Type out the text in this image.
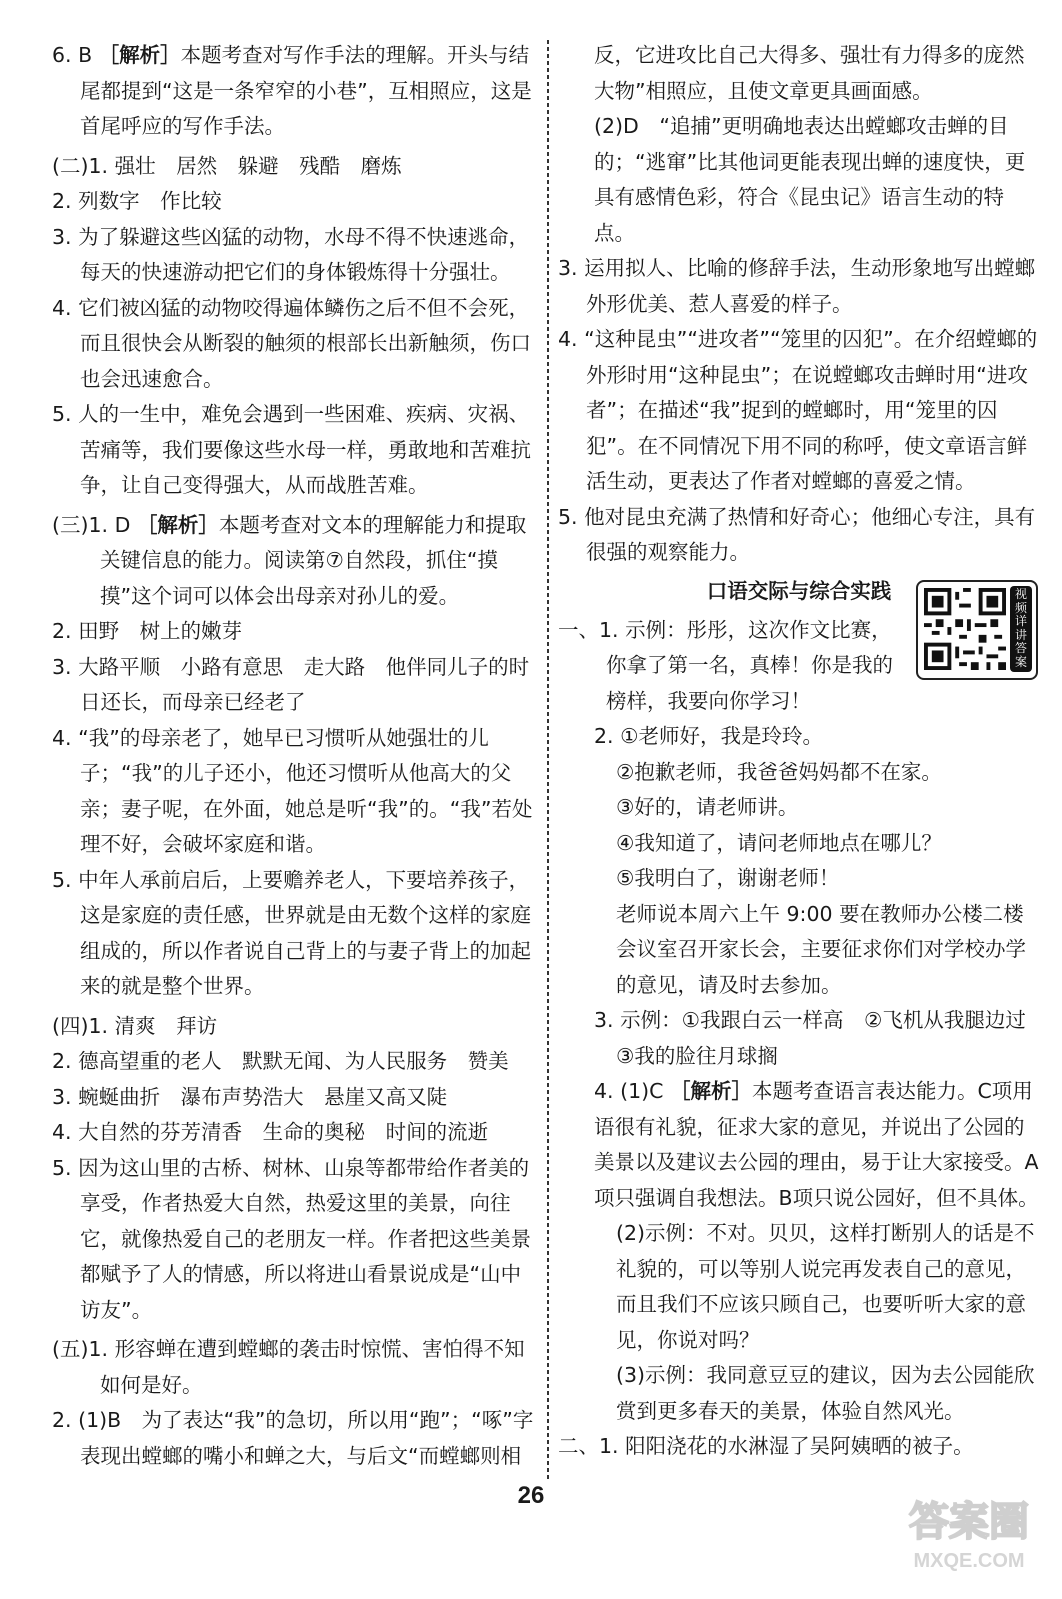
6. B ［解析］本题考查对写作手法的理解。开头与结尾都提到“这是一条窄窄的小巷”，互相照应，这是首尾呼应的写作手法。

(二)1. 强壮　居然　躲避　残酷　磨炼

2. 列数字　作比较

3. 为了躲避这些凶猛的动物，水母不得不快速逃命，每天的快速游动把它们的身体锻炼得十分强壮。

4. 它们被凶猛的动物咬得遍体鳞伤之后不但不会死，而且很快会从断裂的触须的根部长出新触须，伤口也会迅速愈合。

5. 人的一生中，难免会遇到一些困难、疾病、灾祸、苦痛等，我们要像这些水母一样，勇敢地和苦难抗争，让自己变得强大，从而战胜苦难。

(三)1. D ［解析］本题考查对文本的理解能力和提取关键信息的能力。阅读第⑦自然段，抓住“摸摸”这个词可以体会出母亲对孙儿的爱。

2. 田野　树上的嫩芽

3. 大路平顺　小路有意思　走大路　他伴同儿子的时日还长，而母亲已经老了

4. “我”的母亲老了，她早已习惯听从她强壮的儿子；“我”的儿子还小，他还习惯听从他高大的父亲；妻子呢，在外面，她总是听“我”的。“我”若处理不好，会破坏家庭和谐。

5. 中年人承前启后，上要赡养老人，下要培养孩子，这是家庭的责任感，世界就是由无数个这样的家庭组成的，所以作者说自己背上的与妻子背上的加起来的就是整个世界。

(四)1. 清爽　拜访

2. 德高望重的老人　默默无闻、为人民服务　赞美

3. 蜿蜒曲折　瀑布声势浩大　悬崖又高又陡

4. 大自然的芬芳清香　生命的奥秘　时间的流逝

5. 因为这山里的古桥、树林、山泉等都带给作者美的享受，作者热爱大自然，热爱这里的美景，向往它，就像热爱自己的老朋友一样。作者把这些美景都赋予了人的情感，所以将进山看景说成是“山中访友”。

(五)1. 形容蝉在遭到螳螂的袭击时惊慌、害怕得不知如何是好。

2. (1)B　为了表达“我”的急切，所以用“跑”；“啄”字表现出螳螂的嘴小和蝉之大，与后文“而螳螂则相

反，它进攻比自己大得多、强壮有力得多的庞然大物”相照应，且使文章更具画面感。

(2)D　“追捕”更明确地表达出螳螂攻击蝉的目的；“逃窜”比其他词更能表现出蝉的速度快，更具有感情色彩，符合《昆虫记》语言生动的特点。

3. 运用拟人、比喻的修辞手法，生动形象地写出螳螂外形优美、惹人喜爱的样子。

4. “这种昆虫”“进攻者”“笼里的囚犯”。在介绍螳螂的外形时用“这种昆虫”；在说螳螂攻击蝉时用“进攻者”；在描述“我”捉到的螳螂时，用“笼里的囚犯”。在不同情况下用不同的称呼，使文章语言鲜活生动，更表达了作者对螳螂的喜爱之情。

5. 他对昆虫充满了热情和好奇心；他细心专注，具有很强的观察能力。

口语交际与综合实践

一、1. 示例：彤彤，这次作文比赛，你拿了第一名，真棒！你是我的榜样，我要向你学习！

2. ①老师好，我是玲玲。

②抱歉老师，我爸爸妈妈都不在家。

③好的，请老师讲。

④我知道了，请问老师地点在哪儿？

⑤我明白了，谢谢老师！

老师说本周六上午 9:00 要在教师办公楼二楼会议室召开家长会，主要征求你们对学校办学的意见，请及时去参加。

3. 示例：①我跟白云一样高　②飞机从我腿边过

③我的脸往月球搁

4. (1)C ［解析］本题考查语言表达能力。C项用语很有礼貌，征求大家的意见，并说出了公园的美景以及建议去公园的理由，易于让大家接受。A项只强调自我想法。B项只说公园好，但不具体。

(2)示例：不对。贝贝，这样打断别人的话是不礼貌的，可以等别人说完再发表自己的意见，而且我们不应该只顾自己，也要听听大家的意见，你说对吗？

(3)示例：我同意豆豆的建议，因为去公园能欣赏到更多春天的美景，体验自然风光。

二、1. 阳阳浇花的水淋湿了吴阿姨晒的被子。

视频详讲答案
26
答案圈
MXQE.COM
